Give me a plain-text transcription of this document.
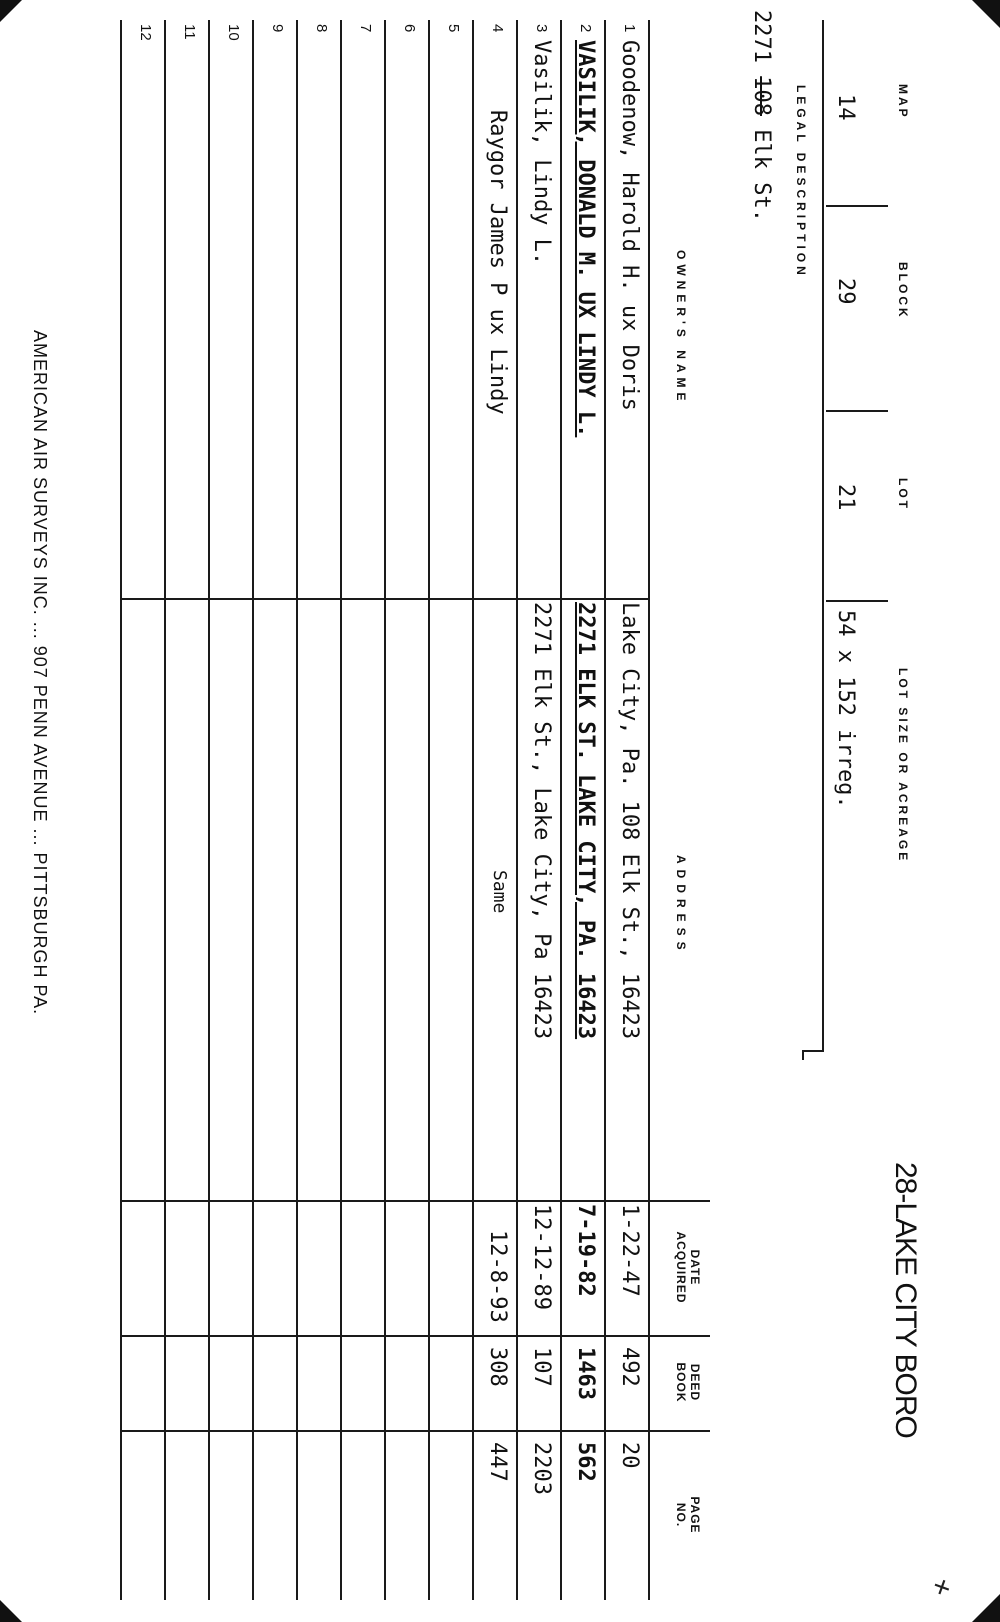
MAP
BLOCK
LOT
LOT SIZE OR ACREAGE
14
29
21
54 x 152 irreg.
28-LAKE CITY BORO
+
LEGAL DESCRIPTION
2271 108 Elk St.
AMERICAN AIR SURVEYS INC. ... 907 PENN AVENUE ... PITTSBURGH PA.
OWNER'S NAME
ADDRESS
DATE
ACQUIRED
DEED
BOOK
PAGE
NO.
1
Goodenow, Harold H. ux Doris
Lake City, Pa. 108 Elk St., 16423
1-22-47
492
20
2
VASILIK, DONALD M. UX LINDY L.
2271 ELK ST. LAKE CITY, PA. 16423
7-19-82
1463
562
3
Vasilik, Lindy L.
2271 Elk St., Lake City, Pa 16423
12-12-89
107
2203
4
Raygor James P ux Lindy
Same
12-8-93
308
447
5
6
7
8
9
10
11
12
